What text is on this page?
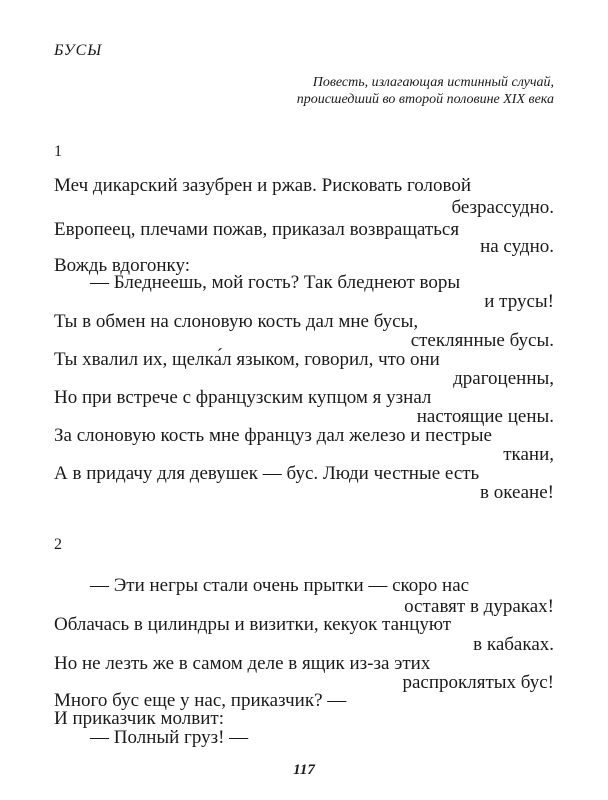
БУСЫ
Повесть, излагающая истинный случай,
происшедший во второй половине XIX века
1
Меч дикарский зазубрен и ржав. Рисковать головой
безрассудно.
Европеец, плечами пожав, приказал возвращаться
на судно.
Вождь вдогонку:
— Бледнеешь, мой гость? Так бледнеют воры
и трусы!
Ты в обмен на слоновую кость дал мне бусы,
стеклянные бусы.
Ты хвалил их, щелка́л языком, говорил, что они
драгоценны,
Но при встрече с французским купцом я узнал
настоящие цены.
За слоновую кость мне француз дал железо и пестрые
ткани,
А в придачу для девушек — бус. Люди честные есть
в океане!
2
— Эти негры стали очень прытки — скоро нас
оставят в дураках!
Облачась в цилиндры и визитки, кекуок танцуют
в кабаках.
Но не лезть же в самом деле в ящик из-за этих
распроклятых бус!
Много бус еще у нас, приказчик? —
И приказчик молвит:
— Полный груз! —
117
